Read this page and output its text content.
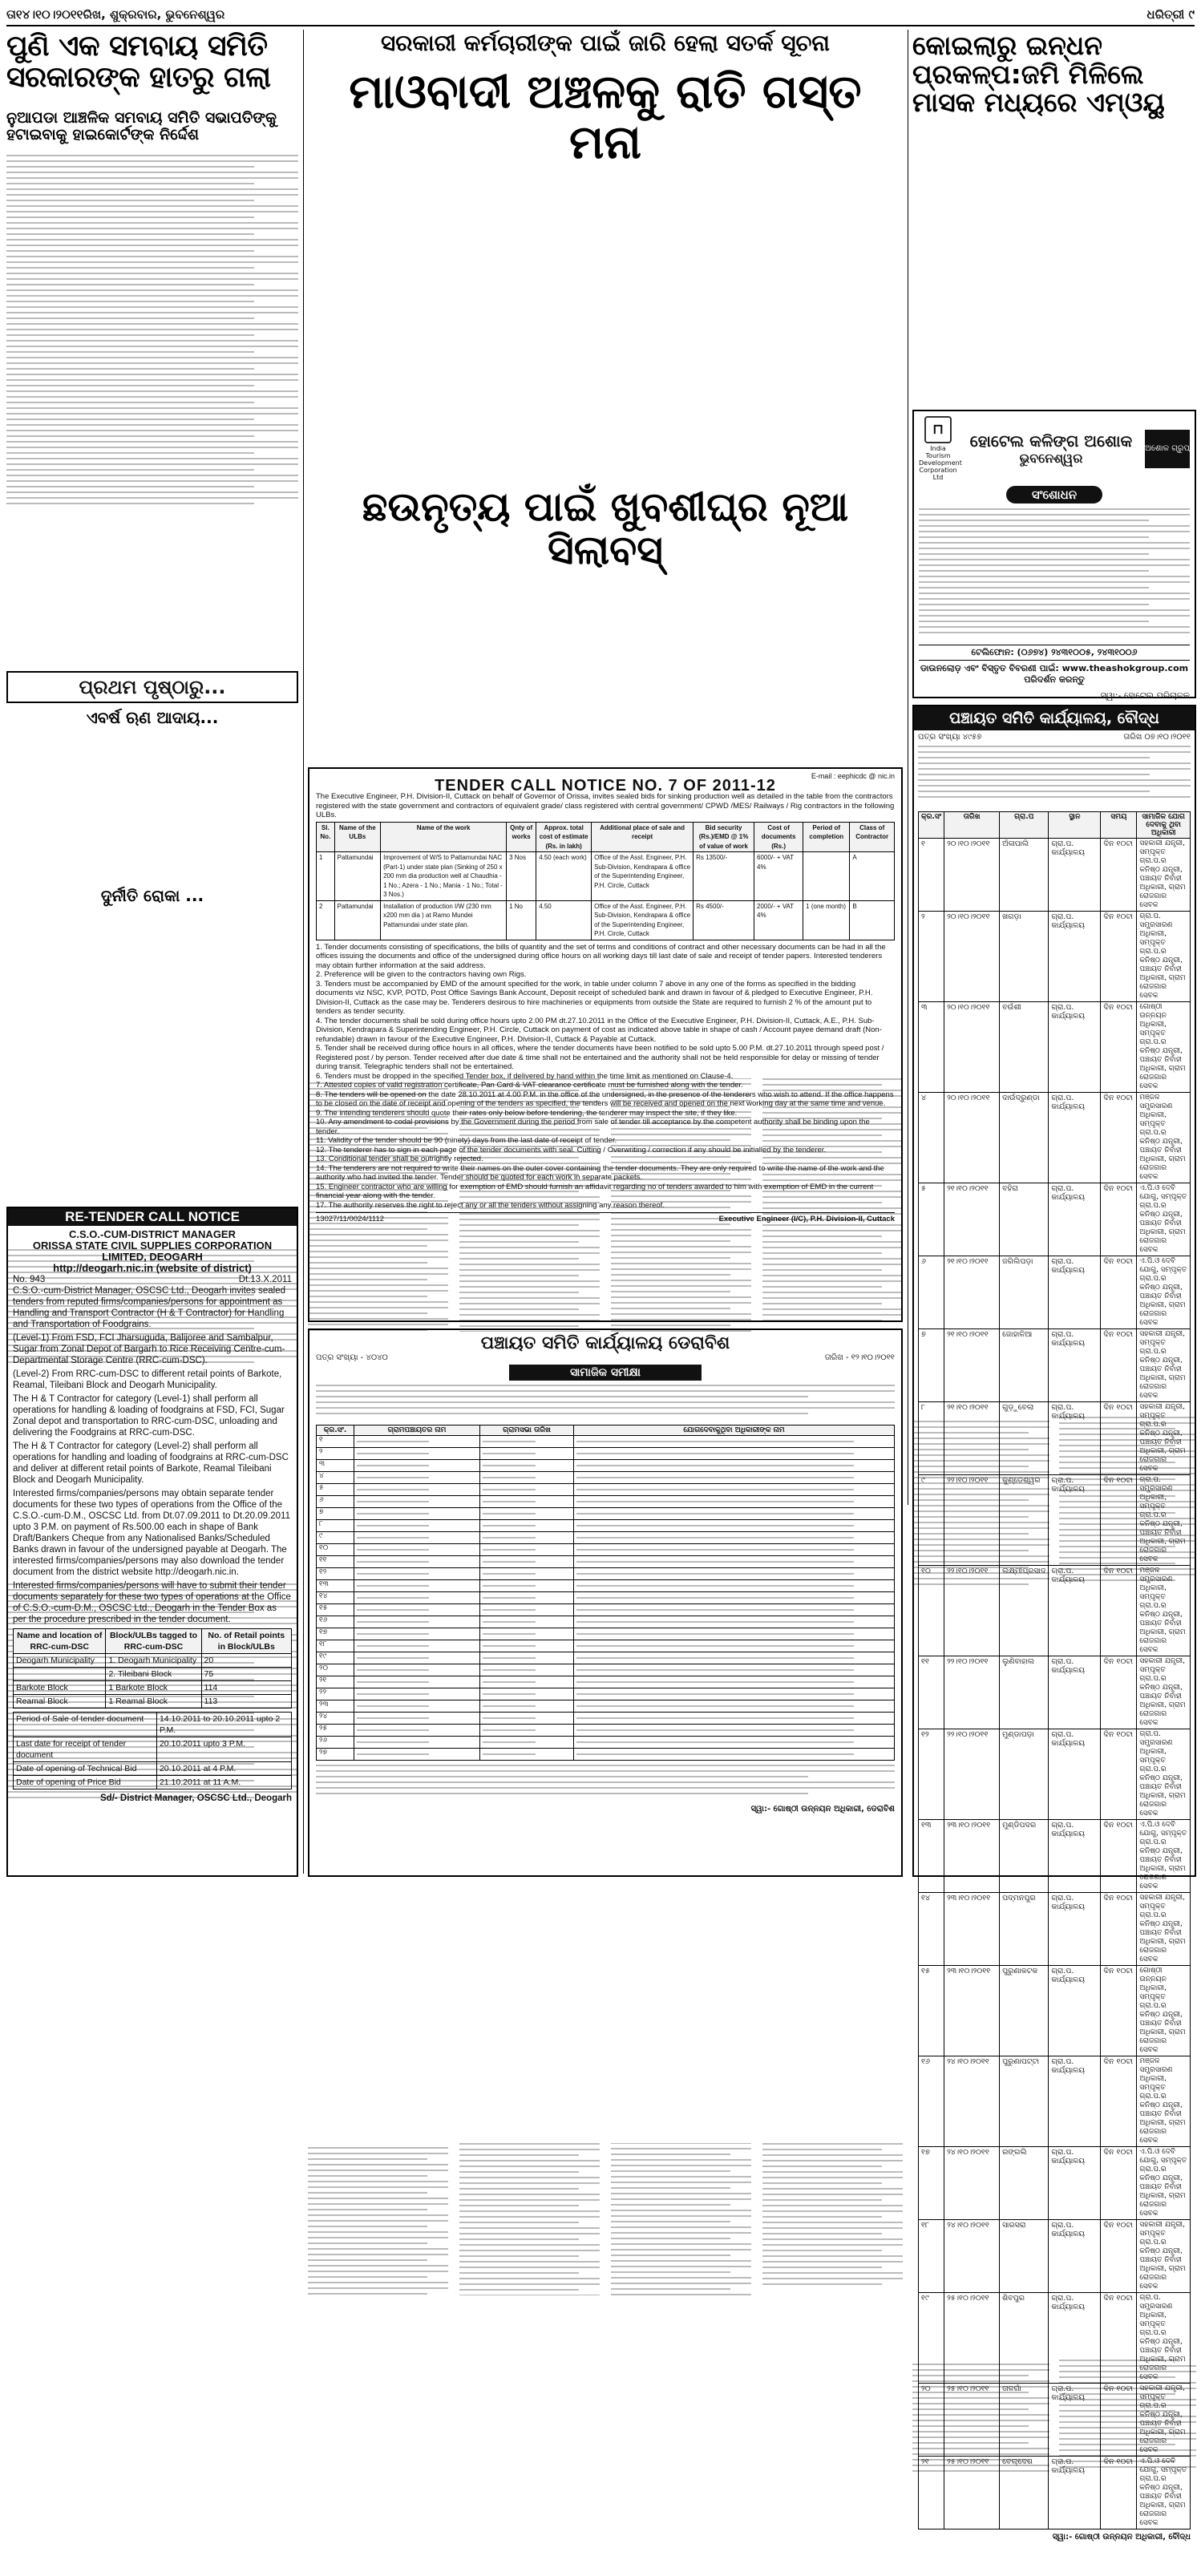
ତା୧୪।୧୦।୨୦୧୧ରିଖ, ଶୁକ୍ରବାର, ଭୁବନେଶ୍ୱର	ଧରିତ୍ରୀ ୯
ପୁଣି ଏକ ସମବାୟ ସମିତି ସରକାରଙ୍କ ହାତରୁ ଗଲା
ନୁଆପଡା ଆଞ୍ଚଳିକ ସମବାୟ ସମିତି ସଭାପତିଙ୍କୁ ହଟାଇବାକୁ ହାଇକୋର୍ଟଙ୍କ ନିର୍ଦ୍ଦେଶ
ପ୍ରଥମ ପୃଷ୍ଠାରୁ...
ଏବର୍ଷ ଋଣ ଆଦାୟ...
ଦୁର୍ନୀତି ରୋକା ...
RE-TENDER CALL NOTICE
C.S.O.-CUM-DISTRICT MANAGER
ORISSA STATE CIVIL SUPPLIES CORPORATION LIMITED, DEOGARH
http://deogarh.nic.in (website of district)
No. 943	Dt.13.X.2011
C.S.O.-cum-District Manager, OSCSC Ltd., Deogarh invites sealed tenders from reputed firms/companies/persons for appointment as Handling and Transport Contractor (H & T Contractor) for Handling and Transportation of Foodgrains.
(Level-1) From FSD, FCI Jharsuguda, Balijoree and Sambalpur, Sugar from Zonal Depot of Bargarh to Rice Receiving Centre-cum-Departmental Storage Centre (RRC-cum-DSC).
(Level-2) From RRC-cum-DSC to different retail points of Barkote, Reamal, Tileibani Block and Deogarh Municipality.
The H & T Contractor for category (Level-1) shall perform all operations for handling & loading of foodgrains at FSD, FCI, Sugar Zonal depot and transportation to RRC-cum-DSC, unloading and delivering the Foodgrains at RRC-cum-DSC.
The H & T Contractor for category (Level-2) shall perform all operations for handling and loading of foodgrains at RRC-cum-DSC and deliver at different retail points of Barkote, Reamal Tileibani Block and Deogarh Municipality.
Interested firms/companies/persons may obtain separate tender documents for these two types of operations from the Office of the C.S.O.-cum-D.M., OSCSC Ltd. from Dt.07.09.2011 to Dt.20.09.2011 upto 3 P.M. on payment of Rs.500.00 each in shape of Bank Draft/Bankers Cheque from any Nationalised Banks/Scheduled Banks drawn in favour of the undersigned payable at Deogarh. The interested firms/companies/persons may also download the tender document from the district website http://deogarh.nic.in.
Interested firms/companies/persons will have to submit their tender documents separately for these two types of operations at the Office of C.S.O.-cum-D.M., OSCSC Ltd., Deogarh in the Tender Box as per the procedure prescribed in the tender document.
Name and location of RRC-cum-DSC	Block/ULBs tagged to RRC-cum-DSC	No. of Retail points in Block/ULBs
Deogarh Municipality	1. Deogarh Municipality	20
	2. Tileibani Block	75
Barkote Block	1 Barkote Block	114
Reamal Block	1 Reamal Block	113
Period of Sale of tender document	14.10.2011 to 20.10.2011 upto 2 P.M.
Last date for receipt of tender document	20.10.2011 upto 3 P.M.
Date of opening of Technical Bid	20.10.2011 at 4 P.M.
Date of opening of Price Bid	21.10.2011 at 11 A.M.
Sd/- District Manager, OSCSC Ltd., Deogarh
ସରକାରୀ କର୍ମଚାରୀଙ୍କ ପାଇଁ ଜାରି ହେଲା ସତର୍କ ସୂଚନା
ମାଓବାଦୀ ଅଞ୍ଚଳକୁ ରାତି ଗସ୍ତ ମନା
କୋଇଲାରୁ ଇନ୍ଧନ ପ୍ରକଳ୍ପ:ଜମି ମିଳିଲେ ମାସକ ମଧ୍ୟରେ ଏମ୍‌ଓୟୁ
ଛଉନୃତ୍ୟ ପାଇଁ ଖୁବଶୀଘ୍ର ନୂଆ ସିଲାବସ୍
⊓
India Tourism Development Corporation Ltd
ହୋଟେଲ କଳିଙ୍ଗ ଅଶୋକ
ଭୁବନେଶ୍ୱର
ଅଶୋକ ଗ୍ରୁପ୍
ସଂଶୋଧନ
ଟେଲିଫୋନ: (୦୬୭୪) ୨୪୩୧୦୦୫, ୨୪୩୧୦୦୬
ଡାଉନଲୋଡ଼ ଏବଂ ବିସ୍ତୃତ ବିବରଣୀ ପାଇଁ: www.theashokgroup.com ପରିଦର୍ଶନ କରନ୍ତୁ
ସ୍ୱା:- ହୋଟେଲ ପରିଚାଳକ
E-mail : eephicdc @ nic.in
TENDER CALL NOTICE NO. 7 OF 2011-12
The Executive Engineer, P.H. Division-II, Cuttack on behalf of Governor of Orissa, invites sealed bids for sinking production well as detailed in the table from the contractors registered with the state government and contractors of equivalent grade/ class registered with central government/ CPWD /MES/ Railways / Rig contractors in the following ULBs.
Sl. No.	Name of the ULBs	Name of the work	Qnty of works	Approx. total cost of estimate (Rs. in lakh)	Additional place of sale and receipt	Bid security (Rs.)/EMD @ 1% of value of work	Cost of documents (Rs.)	Period of completion	Class of Contractor
1	Pattamundai	Improvement of W/S to Pattamundai NAC (Part-1) under state plan (Sinking of 250 x 200 mm dia production well at Chaudhia - 1 No.; Azera - 1 No.; Mania - 1 No.; Total - 3 Nos.)	3 Nos	4.50 (each work)	Office of the Asst. Engineer, P.H. Sub-Division, Kendrapara & office of the Superintending Engineer, P.H. Circle, Cuttack	Rs 13500/-	6000/- + VAT 4%		A
2	Pattamundai	Installation of production I/W (230 mm x200 mm dia ) at Ramo Mundei Pattamundai under state plan.	1 No	4.50	Office of the Asst. Engineer, P.H. Sub-Division, Kendrapara & office of the Superintending Engineer, P.H. Circle, Cuttack	Rs 4500/-	2000/- + VAT 4%	1 (one month)	B
1. Tender documents consisting of specifications, the bills of quantity and the set of terms and conditions of contract and other necessary documents can be had in all the offices issuing the documents and office of the undersigned during office hours on all working days till last date of sale and receipt of tender papers. Interested tenderers may obtain further information at the said address.
2. Preference will be given to the contractors having own Rigs.
3. Tenders must be accompanied by EMD of the amount specified for the work, in table under column 7 above in any one of the forms as specified in the bidding documents viz NSC, KVP, POTD, Post Office Savings Bank Account, Deposit receipt of scheduled bank and drawn in favour of & pledged to Executive Engineer, P.H. Division-II, Cuttack as the case may be. Tenderers desirous to hire machineries or equipments from outside the State are required to furnish 2 % of the amount put to tenders as tender security.
4. The tender documents shall be sold during office hours upto 2.00 PM dt.27.10.2011 in the Office of the Executive Engineer, P.H. Division-II, Cuttack, A.E., P.H. Sub-Division, Kendrapara & Superintending Engineer, P.H. Circle, Cuttack on payment of cost as indicated above table in shape of cash / Account payee demand draft (Non-refundable) drawn in favour of the Executive Engineer, P.H. Division-II, Cuttack & Payable at Cuttack.
5. Tender shall be received during office hours in all offices, where the tender documents have been notified to be sold upto 5.00 P.M. dt.27.10.2011 through speed post / Registered post / by person. Tender received after due date & time shall not be entertained and the authority shall not be held responsible for delay or missing of tender during transit. Telegraphic tenders shall not be entertained.
6. Tenders must be dropped in the specified Tender box, if delivered by hand within the time limit as mentioned on Clause-4.
7. Attested copies of valid registration certificate, Pan Card & VAT clearance certificate must be furnished along with the tender.
8. The tenders will be opened on the date 28.10.2011 at 4.00 P.M. in the office of the undersigned, in the presence of the tenderers who wish to attend. If the office happens to be closed on the date of receipt and opening of the tenders as specified, the tenders will be received and opened on the next working day at the same time and venue.
9. The intending tenderers should quote their rates only below before tendering, the tenderer may inspect the site, if they like.
10. Any amendment to codal provisions by the Government during the period from sale of tender till acceptance by the competent authority shall be binding upon the tender.
11. Validity of the tender should be 90 (ninety) days from the last date of receipt of tender.
12. The tenderer has to sign in each page of the tender documents with seal. Cutting / Overwriting / correction if any should be initialled by the tenderer.
13. Conditional tender shall be outrightly rejected.
14. The tenderers are not required to write their names on the outer cover containing the tender documents. They are only required to write the name of the work and the authority who had invited the tender. Tender should be quoted for each work in separate packets.
15. Engineer contractor who are willing for exemption of EMD should furnish an affidavit regarding no of tenders awarded to him with exemption of EMD in the current financial year along with the tender.
17. The authority reserves the right to reject any or all the tenders without assigning any reason thereof.
13027/11/0024/1112	Executive Engineer (I/C), P.H. Division-II, Cuttack
ପଞ୍ଚାୟତ ସମିତି କାର୍ଯ୍ୟାଳୟ ଡେରାବିଶ
ପତ୍ର ସଂଖ୍ୟା - ୪୦୪୦	ତାରିଖ - ୧୨।୧୦।୨୦୧୧
ସାମାଜିକ ସମୀକ୍ଷା
କ୍ର.ସଂ.	ଗ୍ରାମପଞ୍ଚାୟତର ନାମ	ଗ୍ରାମସଭା ତାରିଖ	ଯୋଗଦେବାକୁଥିବା ଅଧିକାରୀଙ୍କ ନାମ
୧	

୨	

୩	

୪	

୫	

୬	

୭	

୮	

୯	

୧୦	

୧୧	

୧୨	

୧୩	

୧୪	

୧୫	

୧୬	

୧୭	

୧୮	

୧୯	

୨୦	

୨୧	

୨୨	

୨୩	

୨୪	

୨୫	

୨୬	

୨୭	

ସ୍ୱା:- ଗୋଷ୍ଠୀ ଉନ୍ନୟନ ଅଧିକାରୀ, ଡେରାବିଶ
ପଞ୍ଚାୟତ ସମିତି କାର୍ଯ୍ୟାଳୟ, ବୌଦ୍ଧ
ପତ୍ର ସଂଖ୍ୟା ୪୯୫୭	ତାରିଖ ୦୭।୧୦।୨୦୧୧
କ୍ର.ସଂ	ତାରିଖ	ଗ୍ରା.ପ	ସ୍ଥାନ	ସମୟ	ସାମାଜିକ ଯୋଗ ଦେବାକୁ ଥିବା ଅଧିକାରୀ
୧	୨୦।୧୦।୨୦୧୧	ଅଁଳାପାଲି	ଗ୍ରା.ପ. କାର୍ଯ୍ୟାଳୟ	ଦିନ ୧୦ଟା	ସହକାରୀ ଯନ୍ତ୍ରୀ, ସମ୍ପୃକ୍ତ ଗ୍ରା.ପ.ର କନିଷ୍ଠ ଯନ୍ତ୍ରୀ, ପଞ୍ଚାୟତ ନିର୍ବାହୀ ଅଧିକାରୀ, ଗ୍ରାମ ରୋଜଗାର ସେବକ
୨	୨୦।୧୦।୨୦୧୧	ଖଗଡ଼ା	ଗ୍ରା.ପ. କାର୍ଯ୍ୟାଳୟ	ଦିନ ୧୦ଟା	ଗ୍ରା.ପ. ସମ୍ପ୍ରସାରଣ ଅଧିକାରୀ, ସମ୍ପୃକ୍ତ ଗ୍ରା.ପ.ର କନିଷ୍ଠ ଯନ୍ତ୍ରୀ, ପଞ୍ଚାୟତ ନିର୍ବାହୀ ଅଧିକାରୀ, ଗ୍ରାମ ରୋଜଗାର ସେବକ
୩	୨୦।୧୦।୨୦୧୧	ବଉଁଶୀ	ଗ୍ରା.ପ. କାର୍ଯ୍ୟାଳୟ	ଦିନ ୧୦ଟା	ଗୋଷ୍ଠୀ ଉନ୍ନୟନ ଅଧିକାରୀ, ସମ୍ପୃକ୍ତ ଗ୍ରା.ପ.ର କନିଷ୍ଠ ଯନ୍ତ୍ରୀ, ପଞ୍ଚାୟତ ନିର୍ବାହୀ ଅଧିକାରୀ, ଗ୍ରାମ ରୋଜଗାର ସେବକ
୪	୨୦।୧୦।୨୦୧୧	ଦାଉଁଦ୍ରୁଣ୍ଡା	ଗ୍ରା.ପ. କାର୍ଯ୍ୟାଳୟ	ଦିନ ୧୦ଟା	ମଞ୍ଜଳ ସମ୍ପ୍ରସାରଣ ଅଧିକାରୀ, ସମ୍ପୃକ୍ତ ଗ୍ରା.ପ.ର କନିଷ୍ଠ ଯନ୍ତ୍ରୀ, ପଞ୍ଚାୟତ ନିର୍ବାହୀ ଅଧିକାରୀ, ଗ୍ରାମ ରୋଜଗାର ସେବକ
୫	୨୧।୧୦।୨୦୧୧	ବହିରା	ଗ୍ରା.ପ. କାର୍ଯ୍ୟାଳୟ	ଦିନ ୧୦ଟା	ଏ.ପି.ଓ ଦେବି ଯୋଗୁ, ସମ୍ପୃକ୍ତ ଗ୍ରା.ପ.ର କନିଷ୍ଠ ଯନ୍ତ୍ରୀ, ପଞ୍ଚାୟତ ନିର୍ବାହୀ ଅଧିକାରୀ, ଗ୍ରାମ ରୋଜଗାର ସେବକ
୬	୨୧।୧୦।୨୦୧୧	ଜଗିଲିପଡ଼ା	ଗ୍ରା.ପ. କାର୍ଯ୍ୟାଳୟ	ଦିନ ୧୦ଟା	ଏ.ପି.ଓ ଦେବି ଯୋଗୁ, ସମ୍ପୃକ୍ତ ଗ୍ରା.ପ.ର କନିଷ୍ଠ ଯନ୍ତ୍ରୀ, ପଞ୍ଚାୟତ ନିର୍ବାହୀ ଅଧିକାରୀ, ଗ୍ରାମ ରୋଜଗାର ସେବକ
୭	୨୧।୧୦।୨୦୧୧	ଜୋହାଳିଆ	ଗ୍ରା.ପ. କାର୍ଯ୍ୟାଳୟ	ଦିନ ୧୦ଟା	ସହକାରୀ ଯନ୍ତ୍ରୀ, ସମ୍ପୃକ୍ତ ଗ୍ରା.ପ.ର କନିଷ୍ଠ ଯନ୍ତ୍ରୀ, ପଞ୍ଚାୟତ ନିର୍ବାହୀ ଅଧିକାରୀ, ଗ୍ରାମ ରୋଜଗାର ସେବକ
୮	୨୧।୧୦।୨୦୧୧	ଗୁଡ଼ୁବେଲା	ଗ୍ରା.ପ. କାର୍ଯ୍ୟାଳୟ	ଦିନ ୧୦ଟା	ସହକାରୀ ଯନ୍ତ୍ରୀ, ସମ୍ପୃକ୍ତ ଗ୍ରା.ପ.ର କନିଷ୍ଠ ଯନ୍ତ୍ରୀ, ପଞ୍ଚାୟତ ନିର୍ବାହୀ ଅଧିକାରୀ, ଗ୍ରାମ ରୋଜଗାର ସେବକ
୯	୨୨।୧୦।୨୦୧୧	କୁଣ୍ଡେଶ୍ୱର	ଗ୍ରା.ପ. କାର୍ଯ୍ୟାଳୟ	ଦିନ ୧୦ଟା	ଗ୍ରା.ପ. ସମ୍ପ୍ରସାରଣ ଅଧିକାରୀ, ସମ୍ପୃକ୍ତ ଗ୍ରା.ପ.ର କନିଷ୍ଠ ଯନ୍ତ୍ରୀ, ପଞ୍ଚାୟତ ନିର୍ବାହୀ ଅଧିକାରୀ, ଗ୍ରାମ ରୋଜଗାର ସେବକ
୧୦	୨୨।୧୦।୨୦୧୧	ଲକ୍ଷ୍ମୀପ୍ରସାଦ	ଗ୍ରା.ପ. କାର୍ଯ୍ୟାଳୟ	ଦିନ ୧୦ଟା	ମଞ୍ଜଳ ସମ୍ପ୍ରସାରଣ ଅଧିକାରୀ, ସମ୍ପୃକ୍ତ ଗ୍ରା.ପ.ର କନିଷ୍ଠ ଯନ୍ତ୍ରୀ, ପଞ୍ଚାୟତ ନିର୍ବାହୀ ଅଧିକାରୀ, ଗ୍ରାମ ରୋଜଗାର ସେବକ
୧୧	୨୨।୧୦।୨୦୧୧	ଲୁଣିବାହାଲ	ଗ୍ରା.ପ. କାର୍ଯ୍ୟାଳୟ	ଦିନ ୧୦ଟା	ସହକାରୀ ଯନ୍ତ୍ରୀ, ସମ୍ପୃକ୍ତ ଗ୍ରା.ପ.ର କନିଷ୍ଠ ଯନ୍ତ୍ରୀ, ପଞ୍ଚାୟତ ନିର୍ବାହୀ ଅଧିକାରୀ, ଗ୍ରାମ ରୋଜଗାର ସେବକ
୧୨	୨୨।୧୦।୨୦୧୧	ମୁଣ୍ଡାପଡ଼ା	ଗ୍ରା.ପ. କାର୍ଯ୍ୟାଳୟ	ଦିନ ୧୦ଟା	ଗ୍ରା.ପ. ସମ୍ପ୍ରସାରଣ ଅଧିକାରୀ, ସମ୍ପୃକ୍ତ ଗ୍ରା.ପ.ର କନିଷ୍ଠ ଯନ୍ତ୍ରୀ, ପଞ୍ଚାୟତ ନିର୍ବାହୀ ଅଧିକାରୀ, ଗ୍ରାମ ରୋଜଗାର ସେବକ
୧୩	୨୩।୧୦।୨୦୧୧	ମୁଣ୍ଡିପଦର	ଗ୍ରା.ପ. କାର୍ଯ୍ୟାଳୟ	ଦିନ ୧୦ଟା	ଏ.ପି.ଓ ଦେବି ଯୋଗୁ, ସମ୍ପୃକ୍ତ ଗ୍ରା.ପ.ର କନିଷ୍ଠ ଯନ୍ତ୍ରୀ, ପଞ୍ଚାୟତ ନିର୍ବାହୀ ଅଧିକାରୀ, ଗ୍ରାମ ରୋଜଗାର ସେବକ
୧୪	୨୩।୧୦।୨୦୧୧	ପଦ୍ମନପୁର	ଗ୍ରା.ପ. କାର୍ଯ୍ୟାଳୟ	ଦିନ ୧୦ଟା	ସହକାରୀ ଯନ୍ତ୍ରୀ, ସମ୍ପୃକ୍ତ ଗ୍ରା.ପ.ର କନିଷ୍ଠ ଯନ୍ତ୍ରୀ, ପଞ୍ଚାୟତ ନିର୍ବାହୀ ଅଧିକାରୀ, ଗ୍ରାମ ରୋଜଗାର ସେବକ
୧୫	୨୩।୧୦।୨୦୧୧	ପୁରୁଣାକଟକ	ଗ୍ରା.ପ. କାର୍ଯ୍ୟାଳୟ	ଦିନ ୧୦ଟା	ଗୋଷ୍ଠୀ ଉନ୍ନୟନ ଅଧିକାରୀ, ସମ୍ପୃକ୍ତ ଗ୍ରା.ପ.ର କନିଷ୍ଠ ଯନ୍ତ୍ରୀ, ପଞ୍ଚାୟତ ନିର୍ବାହୀ ଅଧିକାରୀ, ଗ୍ରାମ ରୋଜଗାର ସେବକ
୧୬	୨୪।୧୦।୨୦୧୧	ପୁରୁଣାପଟ୍ଟା	ଗ୍ରା.ପ. କାର୍ଯ୍ୟାଳୟ	ଦିନ ୧୦ଟା	ମଞ୍ଜଳ ସମ୍ପ୍ରସାରଣ ଅଧିକାରୀ, ସମ୍ପୃକ୍ତ ଗ୍ରା.ପ.ର କନିଷ୍ଠ ଯନ୍ତ୍ରୀ, ପଞ୍ଚାୟତ ନିର୍ବାହୀ ଅଧିକାରୀ, ଗ୍ରାମ ରୋଜଗାର ସେବକ
୧୭	୨୪।୧୦।୨୦୧୧	ରଙ୍ଗଲି	ଗ୍ରା.ପ. କାର୍ଯ୍ୟାଳୟ	ଦିନ ୧୦ଟା	ଏ.ପି.ଓ ଦେବି ଯୋଗୁ, ସମ୍ପୃକ୍ତ ଗ୍ରା.ପ.ର କନିଷ୍ଠ ଯନ୍ତ୍ରୀ, ପଞ୍ଚାୟତ ନିର୍ବାହୀ ଅଧିକାରୀ, ଗ୍ରାମ ରୋଜଗାର ସେବକ
୧୮	୨୪।୧୦।୨୦୧୧	ସାରସରା	ଗ୍ରା.ପ. କାର୍ଯ୍ୟାଳୟ	ଦିନ ୧୦ଟା	ସହକାରୀ ଯନ୍ତ୍ରୀ, ସମ୍ପୃକ୍ତ ଗ୍ରା.ପ.ର କନିଷ୍ଠ ଯନ୍ତ୍ରୀ, ପଞ୍ଚାୟତ ନିର୍ବାହୀ ଅଧିକାରୀ, ଗ୍ରାମ ରୋଜଗାର ସେବକ
୧୯	୨୫।୧୦।୨୦୧୧	ଶିବପୁର	ଗ୍ରା.ପ. କାର୍ଯ୍ୟାଳୟ	ଦିନ ୧୦ଟା	ଗ୍ରା.ପ. ସମ୍ପ୍ରସାରଣ ଅଧିକାରୀ, ସମ୍ପୃକ୍ତ ଗ୍ରା.ପ.ର କନିଷ୍ଠ ଯନ୍ତ୍ରୀ, ପଞ୍ଚାୟତ ନିର୍ବାହୀ ଅଧିକାରୀ, ଗ୍ରାମ ରୋଜଗାର ସେବକ
୨୦	୨୫।୧୦।୨୦୧୧	ତାଳଗାଁ	ଗ୍ରା.ପ. କାର୍ଯ୍ୟାଳୟ	ଦିନ ୧୦ଟା	ସହକାରୀ ଯନ୍ତ୍ରୀ, ସମ୍ପୃକ୍ତ ଗ୍ରା.ପ.ର କନିଷ୍ଠ ଯନ୍ତ୍ରୀ, ପଞ୍ଚାୟତ ନିର୍ବାହୀ ଅଧିକାରୀ, ଗ୍ରାମ ରୋଜଗାର ସେବକ
୨୧	୨୫।୧୦।୨୦୧୧	ବେଲ୍ଦେଶ	ଗ୍ରା.ପ. କାର୍ଯ୍ୟାଳୟ	ଦିନ ୧୦ଟା	ଏ.ପି.ଓ ଦେବି ଯୋଗୁ, ସମ୍ପୃକ୍ତ ଗ୍ରା.ପ.ର କନିଷ୍ଠ ଯନ୍ତ୍ରୀ, ପଞ୍ଚାୟତ ନିର୍ବାହୀ ଅଧିକାରୀ, ଗ୍ରାମ ରୋଜଗାର ସେବକ
ସ୍ୱା:- ଗୋଷ୍ଠୀ ଉନ୍ନୟନ ଅଧିକାରୀ, ବୌଦ୍ଧ
